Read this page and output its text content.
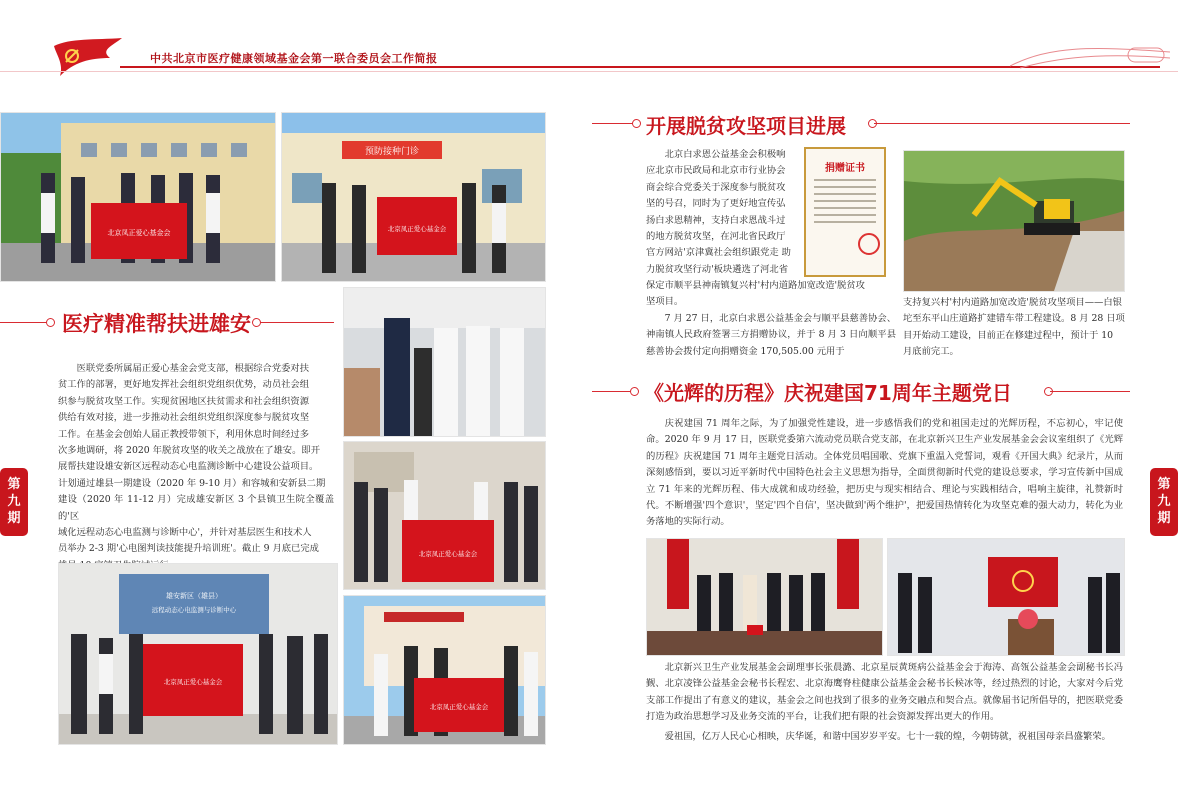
中共北京市医疗健康领域基金会第一联合委员会工作简报
第
九
期
第
九
期
北京凤正爱心基金会
预防接种门诊
北京凤正爱心基金会
医疗精准帮扶进雄安
医联党委所属届正爱心基金会党支部，根据综合党委对扶
贫工作的部署，更好地发挥社会组织党组织优势，动员社会组
织参与脱贫攻坚工作。实现贫困地区扶贫需求和社会组织资源
供给有效对接，进一步推动社会组织党组织深度参与脱贫攻坚
工作。在基金会创始人届正教授带领下，利用休息时间经过多
次多地调研，将 2020 年脱贫攻坚的收关之战放在了雄安。即开
展帮扶建设雄安新区远程动态心电监测诊断中心建设公益项目。
计划通过雄县一期建设（2020 年 9-10 月）和容城和安新县二期
建设（2020 年 11-12 月）完成雄安新区 3 个县镇卫生院全覆盖的'区
域化远程动态心电监测与诊断中心'，并针对基层医生和技术人
员举办 2-3 期'心电图判读技能提升培训班'。截止 9 月底已完成
雄安新区（雄县）
远程动态心电监测与诊断中心
北京凤正爱心基金会
北京凤正爱心基金会
北京凤正爱心基金会
开展脱贫攻坚项目进展
北京白求恩公益基金会积极响
应北京市民政局和北京市行业协会
商会综合党委关于深度参与脱贫攻
坚的号召，同时为了更好地宣传弘
扬白求恩精神，支持白求恩战斗过
的地方脱贫攻坚，在河北省民政厅
官方网站'京津冀社会组织跟党走 助
力脱贫攻坚行动'板块遴选了河北省
保定市顺平县神南镇复兴村'村内道路加宽改造'脱贫攻
坚项目。

7 月 27 日，北京白求恩公益基金会与顺平县慈善协会、神南镇人民政府签署三方捐赠协议，并于 8 月 3 日向顺平县慈善协会拨付定向捐赠资金 170,505.00 元用于

捐赠证书
支持复兴村'村内道路加宽改造'脱贫攻坚项目——白银坨至东平山庄道路扩建错车带工程建设。8 月 28 日项目开始动工建设，目前正在修建过程中，预计于 10 月底前完工。
《光辉的历程》庆祝建国71周年主题党日

庆祝建国 71 周年之际，为了加强党性建设，进一步感悟我们的党和祖国走过的光辉历程，不忘初心，牢记使命。2020 年 9 月 17 日，医联党委第六流动党员联合党支部，在北京新兴卫生产业发展基金会会议室组织了《光辉的历程》庆祝建国 71 周年主题党日活动。全体党员唱国歌、党旗下重温入党誓词，观看《开国大典》纪录片，从而深刻感悟到，要以习近平新时代中国特色社会主义思想为指导，全面贯彻新时代党的建设总要求，学习宣传新中国成立 71 年来的光辉历程、伟大成就和成功经验，把历史与现实相结合、理论与实践相结合，唱响主旋律，礼赞新时代。不断增强'四个意识'，坚定'四个自信'，坚决做到'两个维护'，把爱国热情转化为攻坚克难的强大动力，转化为业务落地的实际行动。

北京新兴卫生产业发展基金会副理事长张晨潞、北京星辰黄斑病公益基金会于海涛、高瓴公益基金会副秘书长冯觐、北京凌锋公益基金会秘书长程宏、北京海鹰脊柱健康公益基金会秘书长候冰等，经过热烈的讨论，大家对今后党支部工作提出了有意义的建议，基金会之间也找到了很多的业务交融点和契合点。就像届书记所倡导的，把医联党委打造为政治思想学习及业务交流的平台，让我们把有限的社会资源发挥出更大的作用。

爱祖国，亿万人民心心相映，庆华诞，和谐中国岁岁平安。七十一载的煌，今朝铸就，祝祖国母亲昌盛繁荣。
